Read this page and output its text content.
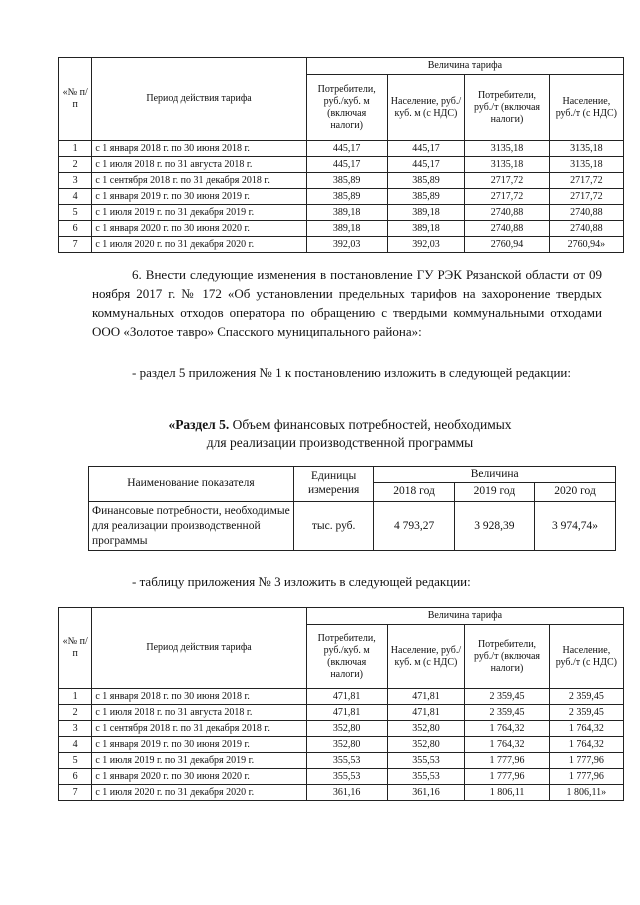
«№ п/п	Период действия тарифа	Величина тарифа			
		Потребители, руб./куб. м (включая налоги)	Население, руб./куб. м (с НДС)	Потребители, руб./т (включая налоги)	Население, руб./т (с НДС)
1	с 1 января 2018 г. по 30 июня 2018 г.	445,17	445,17	3135,18	3135,18
2	с 1 июля 2018 г. по 31 августа 2018 г.	445,17	445,17	3135,18	3135,18
3	с 1 сентября 2018 г. по 31 декабря 2018 г.	385,89	385,89	2717,72	2717,72
4	с 1 января 2019 г. по 30 июня 2019 г.	385,89	385,89	2717,72	2717,72
5	с 1 июля 2019 г. по 31 декабря 2019 г.	389,18	389,18	2740,88	2740,88
6	с 1 января 2020 г. по 30 июня 2020 г.	389,18	389,18	2740,88	2740,88
7	с 1 июля 2020 г. по 31 декабря 2020 г.	392,03	392,03	2760,94	2760,94»
6. Внести следующие изменения в постановление ГУ РЭК Рязанской области от 09 ноября 2017 г. № 172 «Об установлении предельных тарифов на захоронение твердых коммунальных отходов оператора по обращению с твердыми коммунальными отходами ООО «Золотое тавро» Спасского муниципального района»:
- раздел 5 приложения № 1 к постановлению изложить в следующей редакции:
«Раздел 5. Объем финансовых потребностей, необходимых
для реализации производственной программы
Наименование показателя	Единицы измерения	Величина		
		2018 год	2019 год	2020 год
Финансовые потребности, необходимые для реализации производственной программы	тыс. руб.	4 793,27	3 928,39	3 974,74»
- таблицу приложения № 3 изложить в следующей редакции:
«№ п/п	Период действия тарифа	Величина тарифа			
		Потребители, руб./куб. м (включая налоги)	Население, руб./куб. м (с НДС)	Потребители, руб./т (включая налоги)	Население, руб./т (с НДС)
1	с 1 января 2018 г. по 30 июня 2018 г.	471,81	471,81	2 359,45	2 359,45
2	с 1 июля 2018 г. по 31 августа 2018 г.	471,81	471,81	2 359,45	2 359,45
3	с 1 сентября 2018 г. по 31 декабря 2018 г.	352,80	352,80	1 764,32	1 764,32
4	с 1 января 2019 г. по 30 июня 2019 г.	352,80	352,80	1 764,32	1 764,32
5	с 1 июля 2019 г. по 31 декабря 2019 г.	355,53	355,53	1 777,96	1 777,96
6	с 1 января 2020 г. по 30 июня 2020 г.	355,53	355,53	1 777,96	1 777,96
7	с 1 июля 2020 г. по 31 декабря 2020 г.	361,16	361,16	1 806,11	1 806,11»
